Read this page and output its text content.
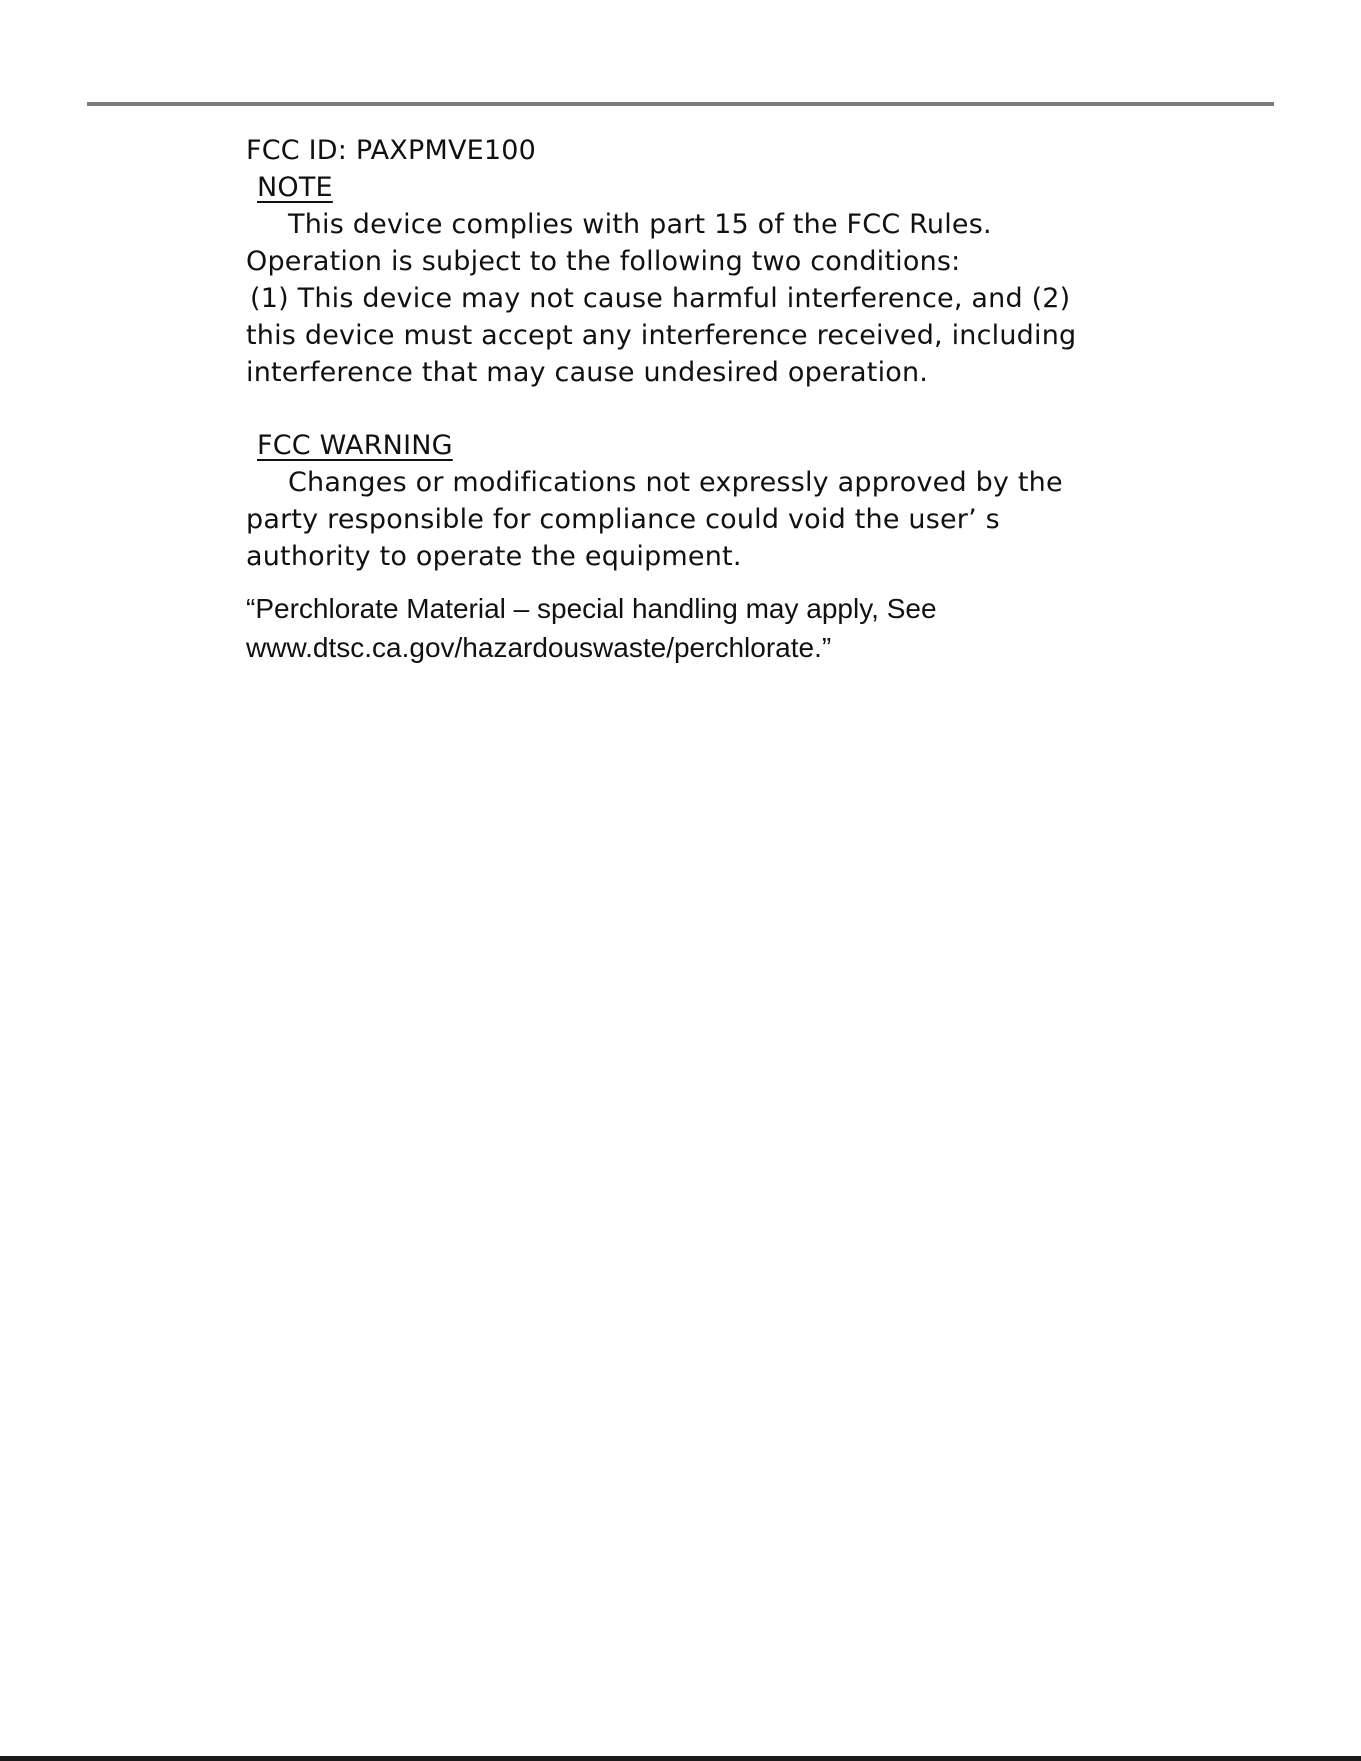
FCC ID: PAXPMVE100
NOTE
This device complies with part 15 of the FCC Rules.
Operation is subject to the following two conditions:
(1) This device may not cause harmful interference, and (2)
this device must accept any interference received, including
interference that may cause undesired operation.
FCC WARNING
Changes or modifications not expressly approved by the
party responsible for compliance could void the user’ s
authority to operate the equipment.
“Perchlorate Material – special handling may apply, See
www.dtsc.ca.gov/hazardouswaste/perchlorate.”
